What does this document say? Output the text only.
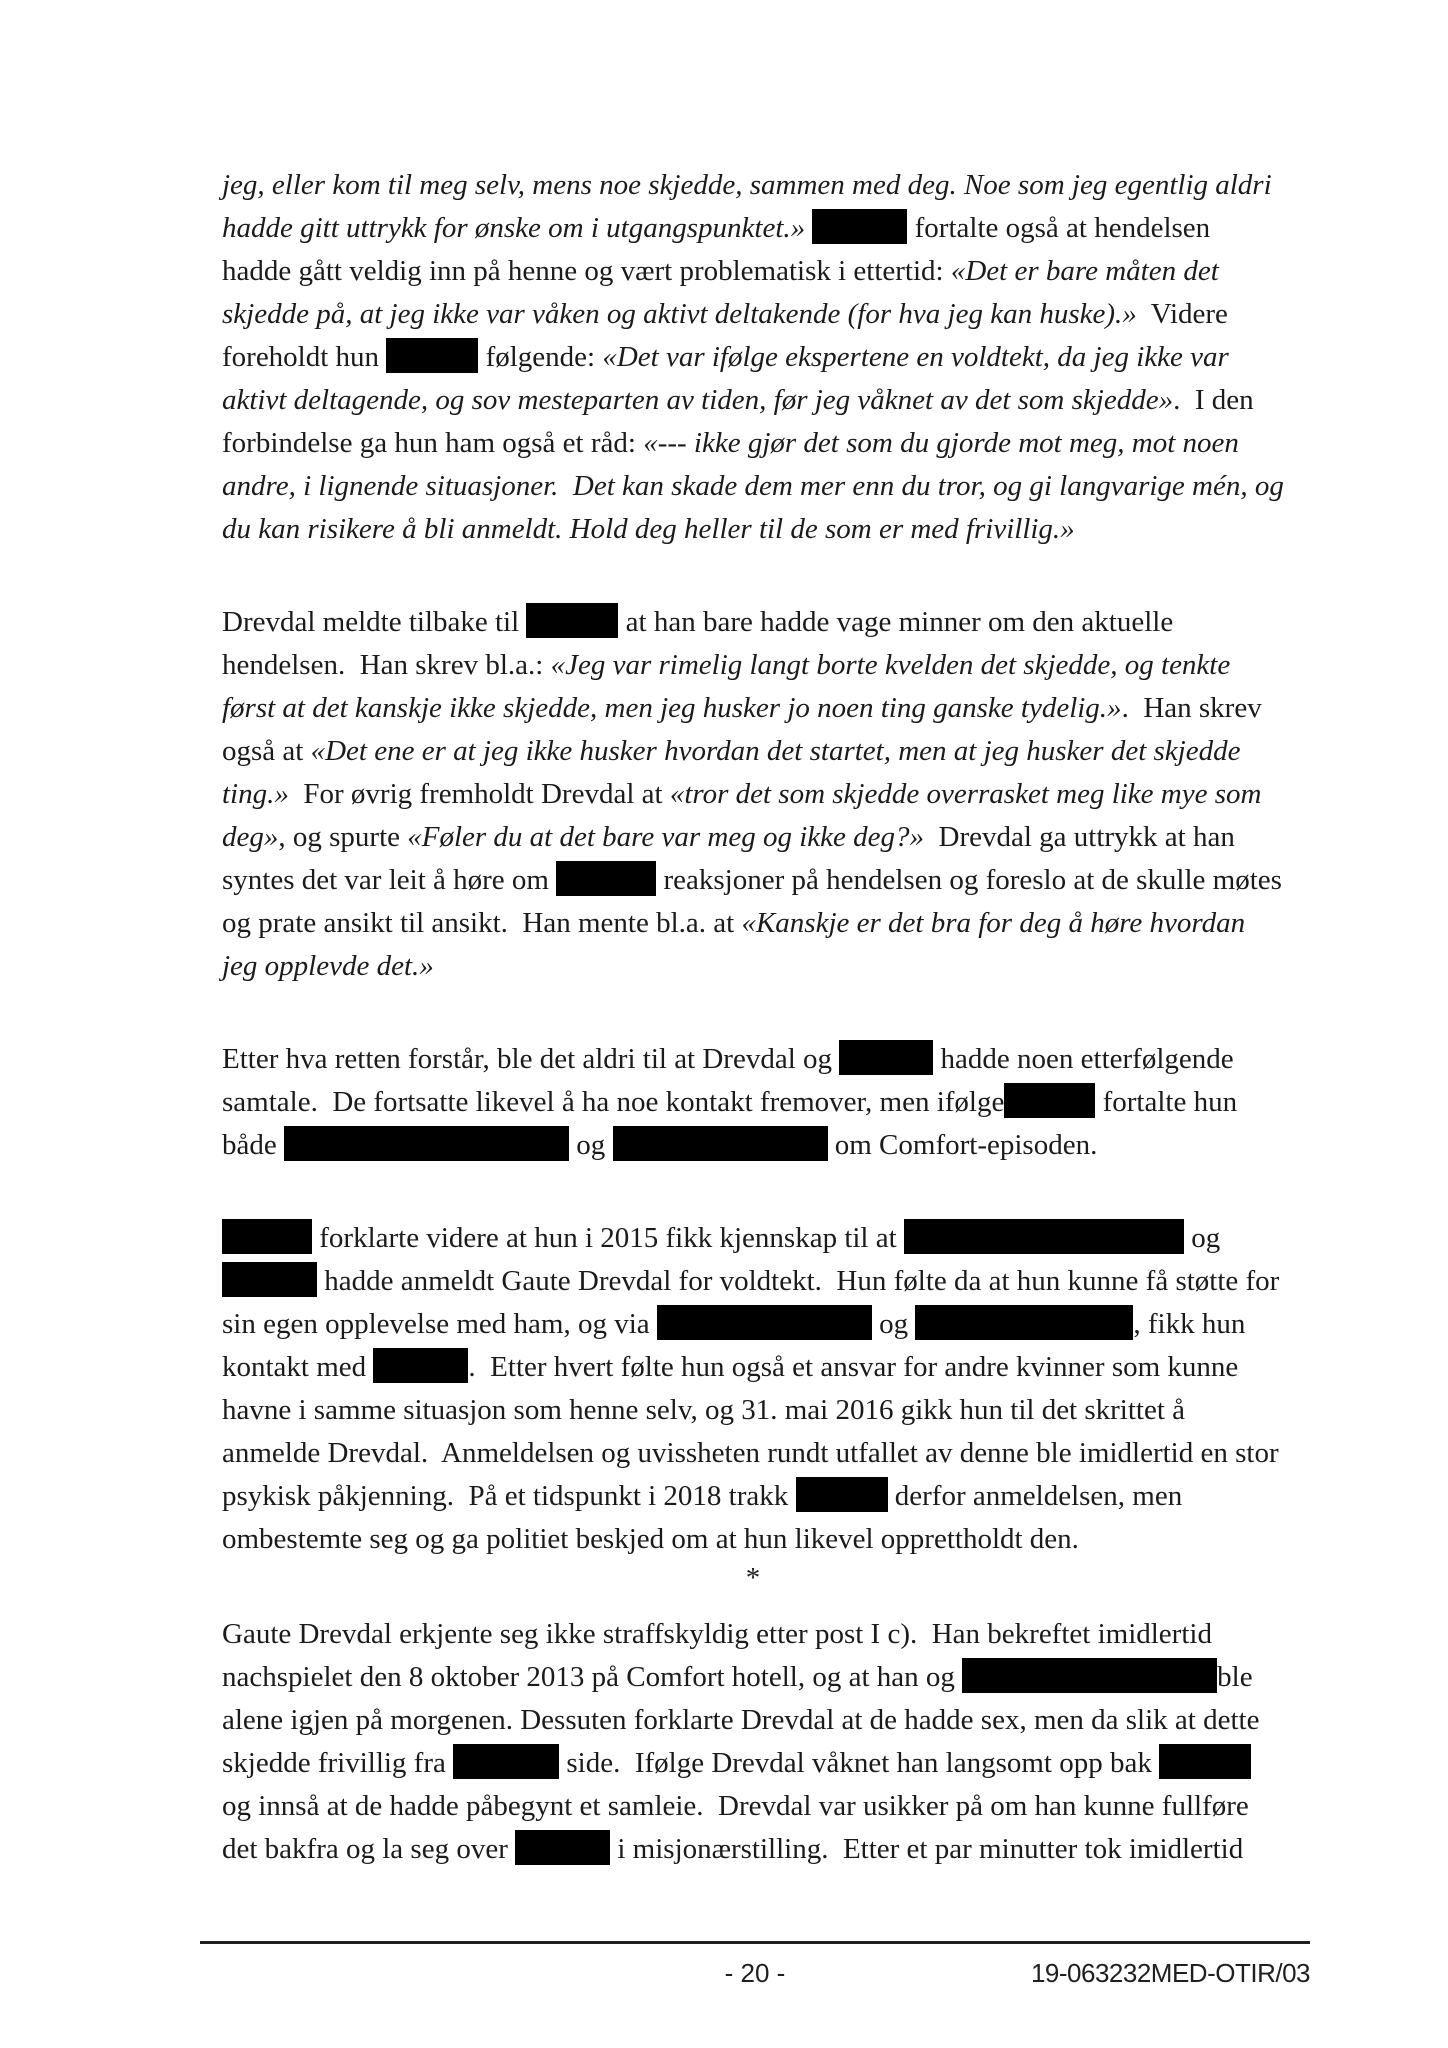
jeg, eller kom til meg selv, mens noe skjedde, sammen med deg. Noe som jeg egentlig aldri hadde gitt uttrykk for ønske om i utgangspunktet.»	fortalte også at hendelsen hadde gått veldig inn på henne og vært problematisk i ettertid: «Det er bare måten det skjedde på, at jeg ikke var våken og aktivt deltakende (for hva jeg kan huske).»  Videre foreholdt hun	følgende: «Det var ifølge ekspertene en voldtekt, da jeg ikke var aktivt deltagende, og sov mesteparten av tiden, før jeg våknet av det som skjedde».  I den forbindelse ga hun ham også et råd: «--- ikke gjør det som du gjorde mot meg, mot noen andre, i lignende situasjoner.  Det kan skade dem mer enn du tror, og gi langvarige mén, og du kan risikere å bli anmeldt. Hold deg heller til de som er med frivillig.»

Drevdal meldte tilbake til	at han bare hadde vage minner om den aktuelle hendelsen.  Han skrev bl.a.: «Jeg var rimelig langt borte kvelden det skjedde, og tenkte først at det kanskje ikke skjedde, men jeg husker jo noen ting ganske tydelig.».  Han skrev også at «Det ene er at jeg ikke husker hvordan det startet, men at jeg husker det skjedde ting.»  For øvrig fremholdt Drevdal at «tror det som skjedde overrasket meg like mye som deg», og spurte «Føler du at det bare var meg og ikke deg?»  Drevdal ga uttrykk at han syntes det var leit å høre om	reaksjoner på hendelsen og foreslo at de skulle møtes og prate ansikt til ansikt.  Han mente bl.a. at «Kanskje er det bra for deg å høre hvordan jeg opplevde det.»

Etter hva retten forstår, ble det aldri til at Drevdal og	hadde noen etterfølgende samtale.  De fortsatte likevel å ha noe kontakt fremover, men ifølge	fortalte hun både	og	om Comfort-episoden.

forklarte videre at hun i 2015 fikk kjennskap til at	og  hadde anmeldt Gaute Drevdal for voldtekt.  Hun følte da at hun kunne få støtte for sin egen opplevelse med ham, og via	og	, fikk hun kontakt med	.  Etter hvert følte hun også et ansvar for andre kvinner som kunne havne i samme situasjon som henne selv, og 31. mai 2016 gikk hun til det skrittet å anmelde Drevdal.  Anmeldelsen og uvissheten rundt utfallet av denne ble imidlertid en stor psykisk påkjenning.  På et tidspunkt i 2018 trakk	derfor anmeldelsen, men ombestemte seg og ga politiet beskjed om at hun likevel opprettholdt den.

*

Gaute Drevdal erkjente seg ikke straffskyldig etter post I c).  Han bekreftet imidlertid nachspielet den 8 oktober 2013 på Comfort hotell, og at han og	ble alene igjen på morgenen. Dessuten forklarte Drevdal at de hadde sex, men da slik at dette skjedde frivillig fra	side.  Ifølge Drevdal våknet han langsomt opp bak	og innså at de hadde påbegynt et samleie.  Drevdal var usikker på om han kunne fullføre det bakfra og la seg over	i misjonærstilling.  Etter et par minutter tok imidlertid

- 20 -	19-063232MED-OTIR/03
